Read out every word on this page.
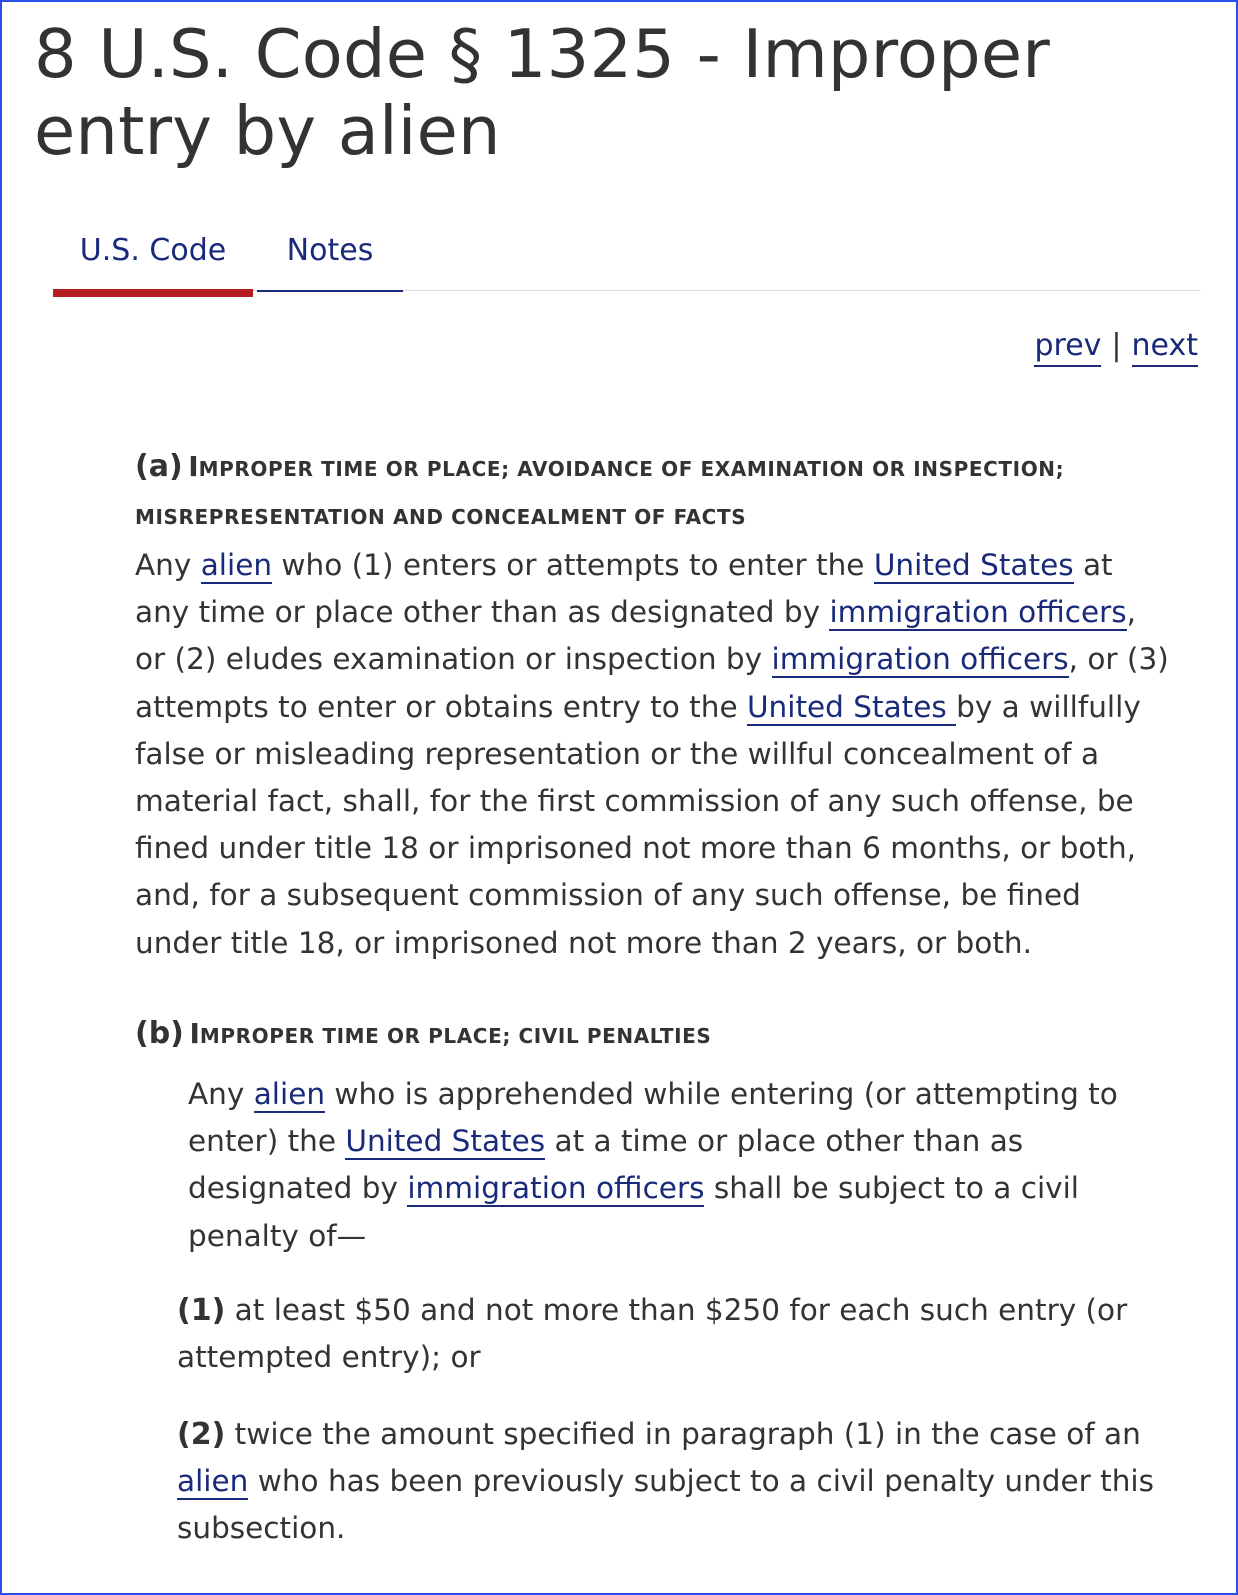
8 U.S. Code § 1325 - Improper entry by alien
U.S. Code	Notes
prev | next

(a) IMPROPER TIME OR PLACE; AVOIDANCE OF EXAMINATION OR INSPECTION; MISREPRESENTATION AND CONCEALMENT OF FACTS

Any alien who (1) enters or attempts to enter the United States at any time or place other than as designated by immigration officers, or (2) eludes examination or inspection by immigration officers, or (3) attempts to enter or obtains entry to the United States by a willfully false or misleading representation or the willful concealment of a material fact, shall, for the first commission of any such offense, be fined under title 18 or imprisoned not more than 6 months, or both, and, for a subsequent commission of any such offense, be fined under title 18, or imprisoned not more than 2 years, or both.

(b) IMPROPER TIME OR PLACE; CIVIL PENALTIES

Any alien who is apprehended while entering (or attempting to enter) the United States at a time or place other than as designated by immigration officers shall be subject to a civil penalty of—

(1) at least $50 and not more than $250 for each such entry (or attempted entry); or

(2) twice the amount specified in paragraph (1) in the case of an alien who has been previously subject to a civil penalty under this subsection.
